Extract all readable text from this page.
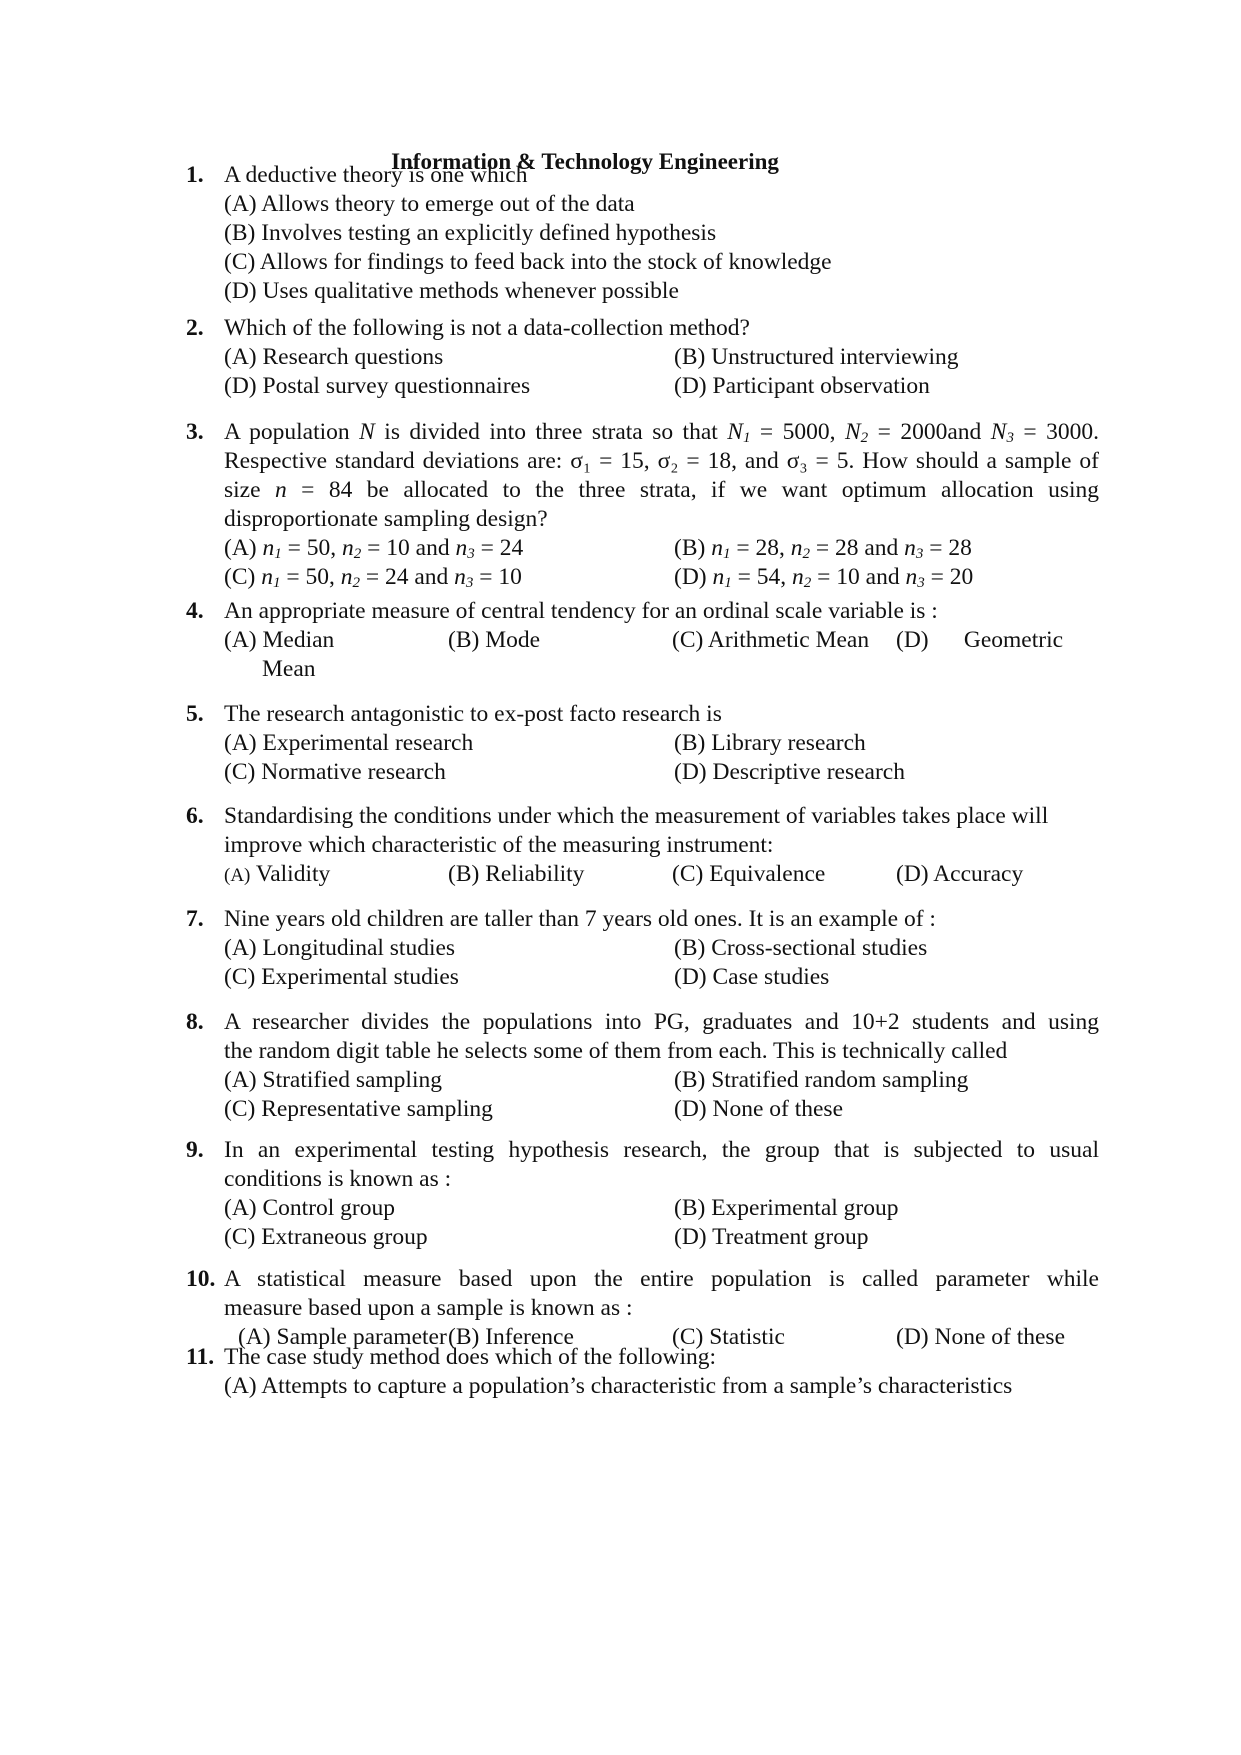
Information & Technology Engineering
1. A deductive theory is one which
(A) Allows theory to emerge out of the data
(B) Involves testing an explicitly defined hypothesis
(C) Allows for findings to feed back into the stock of knowledge
(D) Uses qualitative methods whenever possible
2. Which of the following is not a data-collection method?
(A) Research questions	(B) Unstructured interviewing
(D) Postal survey questionnaires	(D) Participant observation
3. A population N is divided into three strata so that $N_1 = 5000$, $N_2 = 2000and$ $N_3 = 3000$.
Respective standard deviations are: σ₁ = 15, σ₂ = 18, and σ₃ = 5. How should a sample of
size n = 84 be allocated to the three strata, if we want optimum allocation using
disproportionate sampling design?
(A) $n_1 = 50$, $n_2 = 10$ and $n_3 = 24$	(B) $n_1 = 28$, $n_2 = 28$ and $n_3 = 28$
(C) $n_1 = 50$, $n_2 = 24$ and $n_3 = 10$	(D) $n_1 = 54$, $n_2 = 10$ and $n_3 = 20$
4. An appropriate measure of central tendency for an ordinal scale variable is :
(A) Median	(B) Mode	(C) Arithmetic Mean	(D)      Geometric
Mean
5. The research antagonistic to ex-post facto research is
(A) Experimental research	(B) Library research
(C) Normative research	(D) Descriptive research
6. Standardising the conditions under which the measurement of variables takes place will
improve which characteristic of the measuring instrument:
(A) Validity	(B) Reliability	(C) Equivalence	(D) Accuracy
7. Nine years old children are taller than 7 years old ones. It is an example of :
(A) Longitudinal studies	(B) Cross-sectional studies
(C) Experimental studies	(D) Case studies
8. A researcher divides the populations into PG, graduates and 10+2 students and using
the random digit table he selects some of them from each. This is technically called
(A) Stratified sampling	(B) Stratified random sampling
(C) Representative sampling	(D) None of these
9. In an experimental testing hypothesis research, the group that is subjected to usual
conditions is known as :
(A) Control group	(B) Experimental group
(C) Extraneous group	(D) Treatment group
10. A statistical measure based upon the entire population is called parameter while
measure based upon a sample is known as :
(A) Sample parameter (B) Inference	(C) Statistic	(D) None of these
11. The case study method does which of the following:
(A) Attempts to capture a population’s characteristic from a sample’s characteristics
